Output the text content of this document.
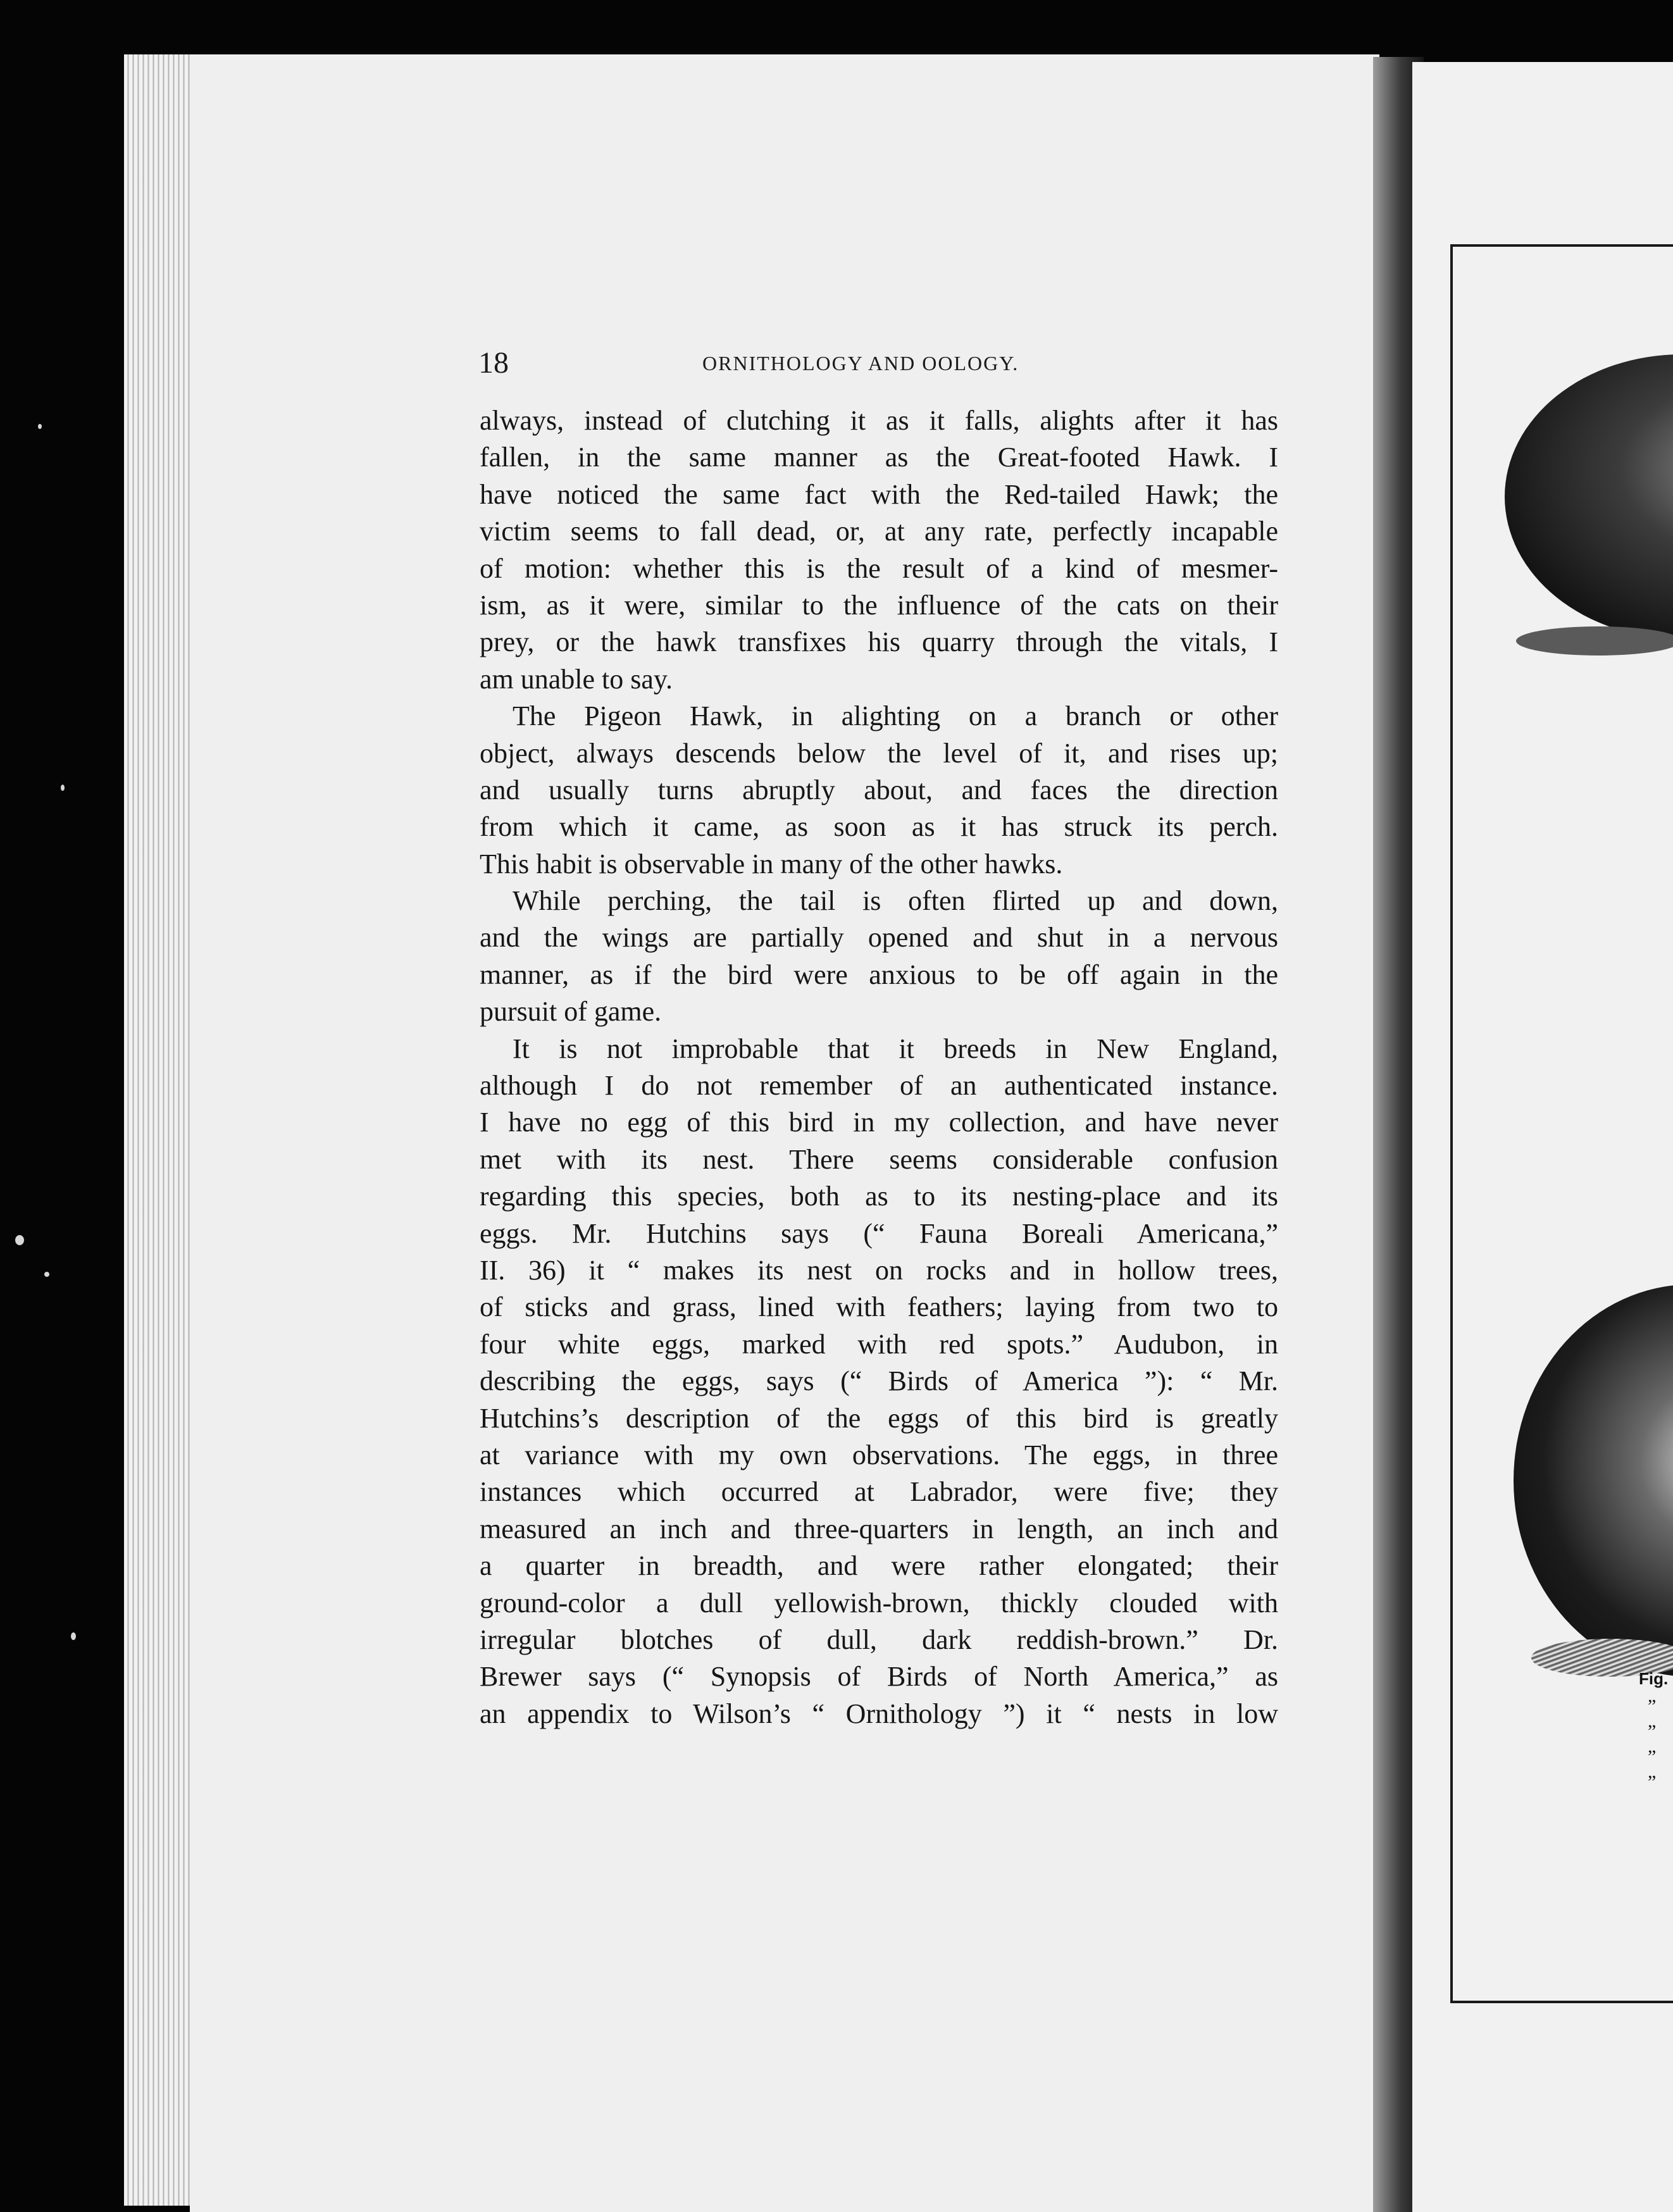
Fig.
”
”
”
”
18	ORNITHOLOGY AND OOLOGY.
always, instead of clutching it as it falls, alights after it has
fallen, in the same manner as the Great-footed Hawk. I
have noticed the same fact with the Red-tailed Hawk; the
victim seems to fall dead, or, at any rate, perfectly incapable
of motion: whether this is the result of a kind of mesmer-
ism, as it were, similar to the influence of the cats on their
prey, or the hawk transfixes his quarry through the vitals, I
am unable to say.
The Pigeon Hawk, in alighting on a branch or other
object, always descends below the level of it, and rises up;
and usually turns abruptly about, and faces the direction
from which it came, as soon as it has struck its perch.
This habit is observable in many of the other hawks.
While perching, the tail is often flirted up and down,
and the wings are partially opened and shut in a nervous
manner, as if the bird were anxious to be off again in the
pursuit of game.
It is not improbable that it breeds in New England,
although I do not remember of an authenticated instance.
I have no egg of this bird in my collection, and have never
met with its nest. There seems considerable confusion
regarding this species, both as to its nesting-place and its
eggs. Mr. Hutchins says (“ Fauna Boreali Americana,”
II. 36) it “ makes its nest on rocks and in hollow trees,
of sticks and grass, lined with feathers; laying from two to
four white eggs, marked with red spots.” Audubon, in
describing the eggs, says (“ Birds of America ”): “ Mr.
Hutchins’s description of the eggs of this bird is greatly
at variance with my own observations. The eggs, in three
instances which occurred at Labrador, were five; they
measured an inch and three-quarters in length, an inch and
a quarter in breadth, and were rather elongated; their
ground-color a dull yellowish-brown, thickly clouded with
irregular blotches of dull, dark reddish-brown.” Dr.
Brewer says (“ Synopsis of Birds of North America,” as
an appendix to Wilson’s “ Ornithology ”) it “ nests in low
